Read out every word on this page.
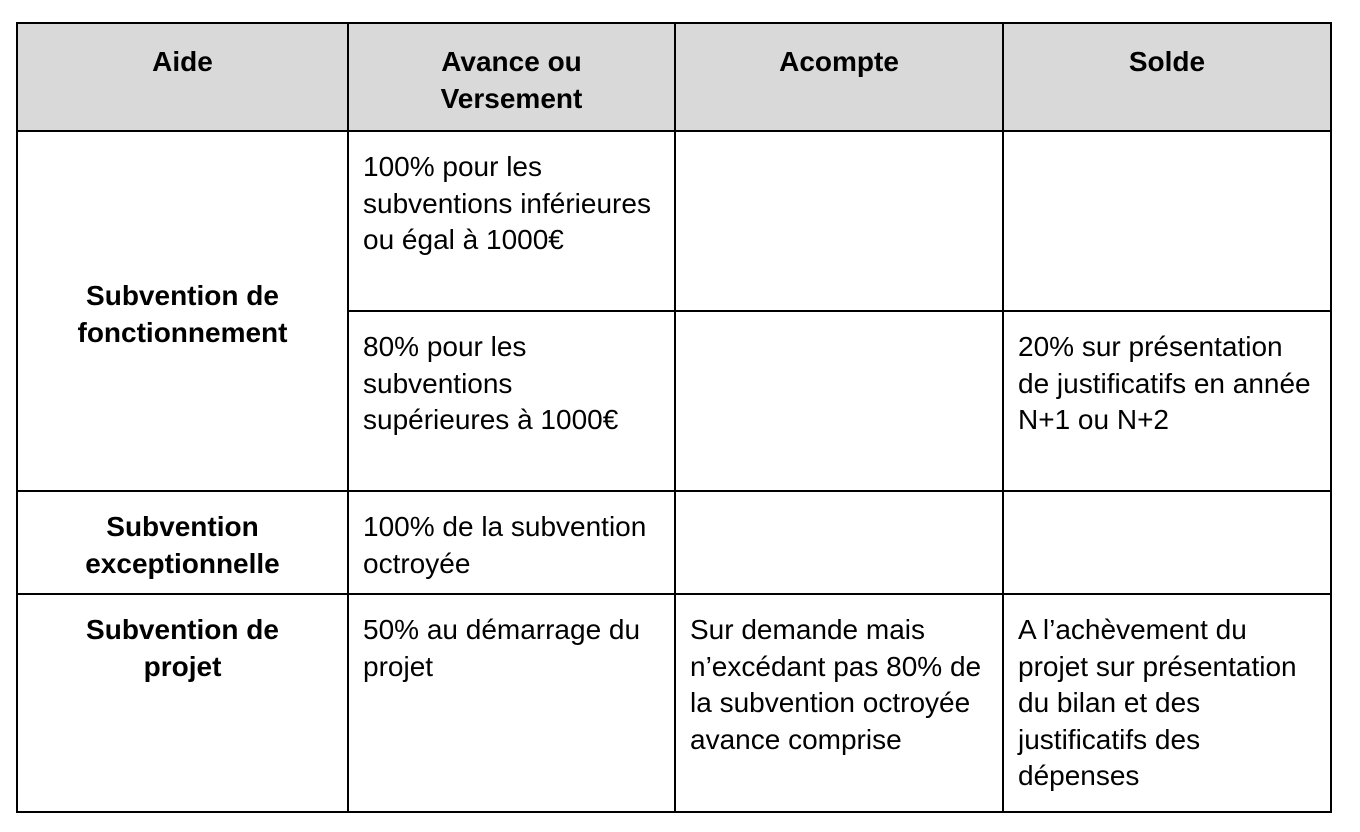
Aide	Avance ou Versement	Acompte	Solde
Subvention de fonctionnement	100% pour les subventions inférieures ou égal à 1000€		
	80% pour les subventions supérieures à 1000€		20% sur présentation de justificatifs en année N+1 ou N+2
Subvention exceptionnelle	100% de la subvention octroyée		
Subvention de projet	50% au démarrage du projet	Sur demande mais n’excédant pas 80% de la subvention octroyée avance comprise	A l’achèvement du projet sur présentation du bilan et des justificatifs des dépenses
